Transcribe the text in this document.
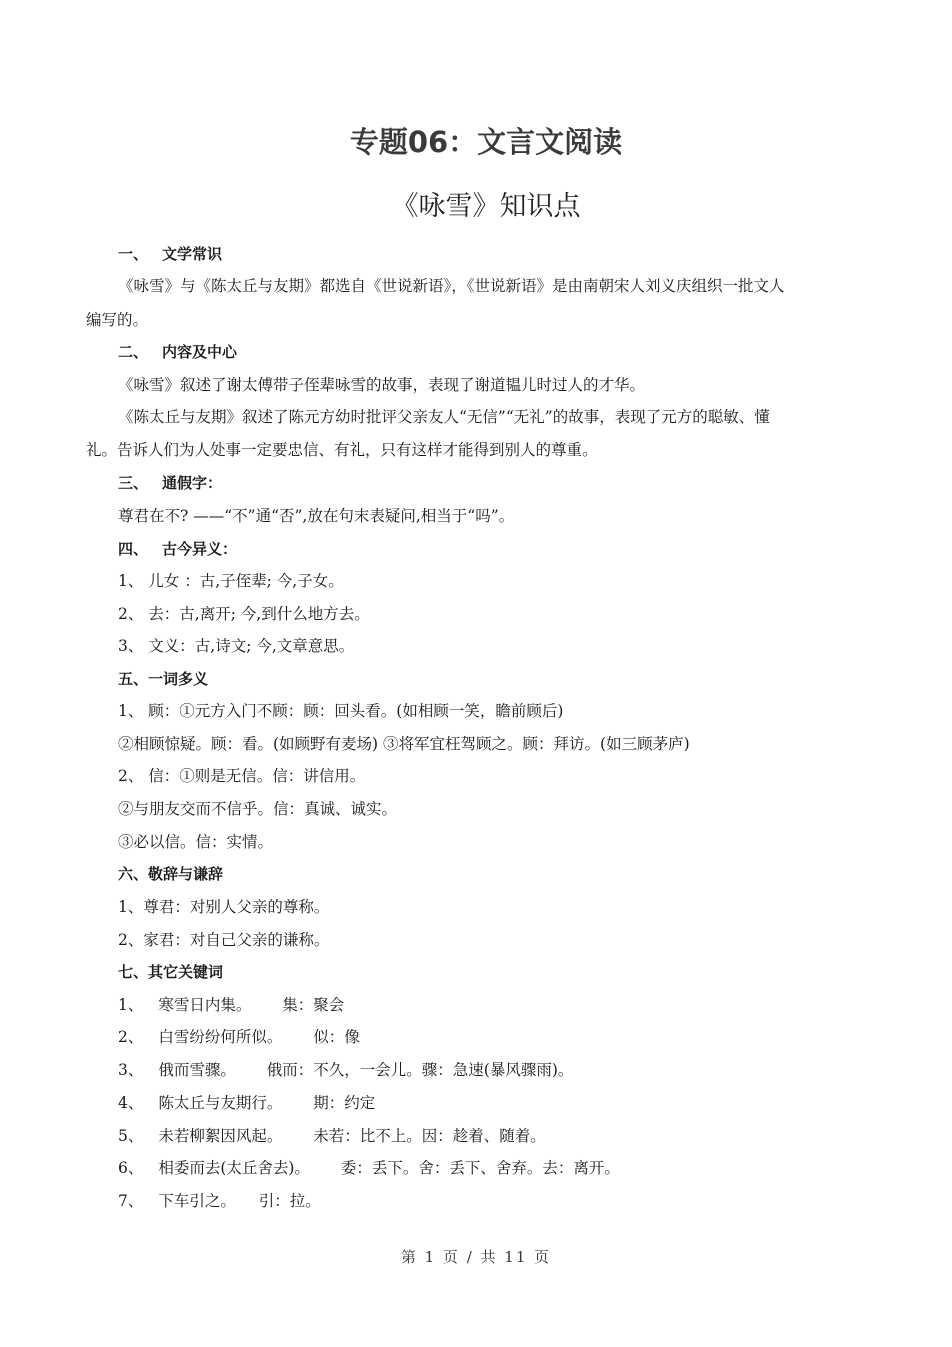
专题06：文言文阅读
《咏雪》知识点
一、 文学常识
《咏雪》与《陈太丘与友期》都选自《世说新语》，《世说新语》是由南朝宋人刘义庆组织一批文人
编写的。
二、 内容及中心
《咏雪》叙述了谢太傅带子侄辈咏雪的故事，表现了谢道韫儿时过人的才华。
《陈太丘与友期》叙述了陈元方幼时批评父亲友人“无信”“无礼”的故事，表现了元方的聪敏、懂
礼。告诉人们为人处事一定要忠信、有礼，只有这样才能得到别人的尊重。
三、 通假字：
尊君在不? ——“不”通“否”,放在句末表疑问,相当于“吗”。
四、 古今异义：
1、 儿女 ：古,子侄辈; 今,子女。
2、 去：古,离开; 今,到什么地方去。
3、 文义：古,诗文; 今,文章意思。
五、一词多义
1、 顾：①元方入门不顾：顾：回头看。(如相顾一笑，瞻前顾后)
②相顾惊疑。顾：看。(如顾野有麦场) ③将军宜枉驾顾之。顾：拜访。(如三顾茅庐)
2、 信：①则是无信。信：讲信用。
②与朋友交而不信乎。信：真诚、诚实。
③必以信。信：实情。
六、敬辞与谦辞
1、尊君：对别人父亲的尊称。
2、家君：对自己父亲的谦称。
七、其它关键词
1、 寒雪日内集。 集：聚会
2、 白雪纷纷何所似。 似：像
3、 俄而雪骤。 俄而：不久，一会儿。骤：急速(暴风骤雨)。
4、 陈太丘与友期行。 期：约定
5、 未若柳絮因风起。 未若：比不上。因：趁着、随着。
6、 相委而去(太丘舍去)。 委：丢下。舍：丢下、舍弃。去：离开。
7、 下车引之。 引：拉。
第 1 页 / 共 11 页
